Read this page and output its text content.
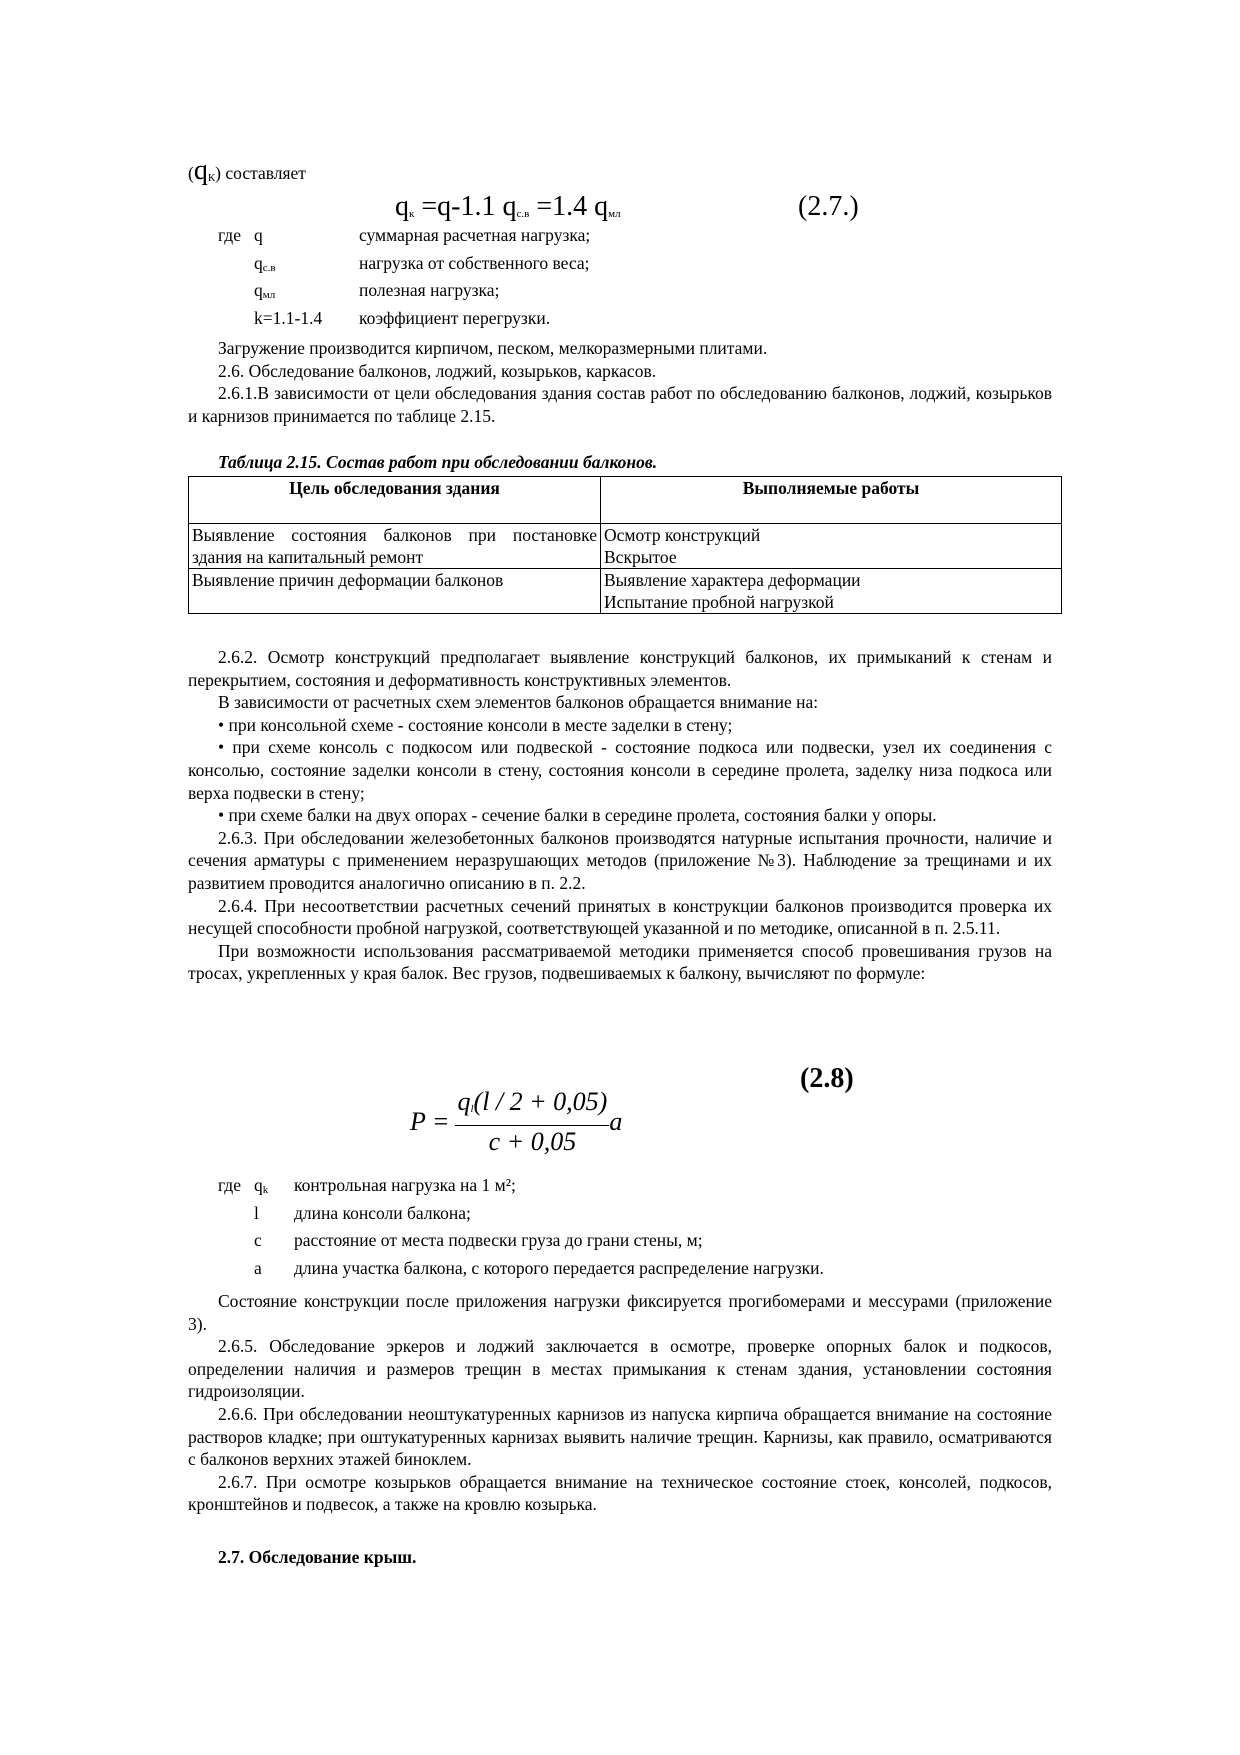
$(q_К)$ составляет
$q_к =q-1.1$ $q_{с.в} =1.4$ $q_{мл}$	(2.7.)
где q	суммарная расчетная нагрузка;
$q_{с.в}$	нагрузка от собственного веса;
$q_{мл}$	полезная нагрузка;
k=1.1-1.4	коэффициент перегрузки.

Загружение производится кирпичом, песком, мелкоразмерными плитами.

2.6. Обследование балконов, лоджий, козырьков, каркасов.

2.6.1.В зависимости от цели обследования здания состав работ по обследованию балконов, лоджий, козырьков и карнизов принимается по таблице 2.15.

Таблица 2.15. Состав работ при обследовании балконов.

Цель обследования здания	Выполняемые работы

Выявление состояния балконов при постановке здания на капитальный ремонт	Осмотр конструкций
Вскрытое

Выявление причин деформации балконов	Выявление характера деформации
Испытание пробной нагрузкой

2.6.2. Осмотр конструкций предполагает выявление конструкций балконов, их примыканий к стенам и перекрытием, состояния и деформативность конструктивных элементов.

В зависимости от расчетных схем элементов балконов обращается внимание на:

• при консольной схеме - состояние консоли в месте заделки в стену;

• при схеме консоль с подкосом или подвеской - состояние подкоса или подвески, узел их соединения с консолью, состояние заделки консоли в стену, состояния консоли в середине пролета, заделку низа подкоса или верха подвески в стену;

• при схеме балки на двух опорах - сечение балки в середине пролета, состояния балки у опоры.

2.6.3. При обследовании железобетонных балконов производятся натурные испытания прочности, наличие и сечения арматуры с применением неразрушающих методов (приложение №3). Наблюдение за трещинами и их развитием проводится аналогично описанию в п. 2.2.

2.6.4. При несоответствии расчетных сечений принятых в конструкции балконов производится проверка их несущей способности пробной нагрузкой, соответствующей указанной и по методике, описанной в п. 2.5.11.

При возможности использования рассматриваемой методики применяется способ провешивания грузов на тросах, укрепленных у края балок. Вес грузов, подвешиваемых к балкону, вычисляют по формуле:

(2.8)
$P = \frac{q_l(l / 2 + 0,05)}{c + 0,05}$ a
где $q_k$	контрольная нагрузка на 1 м²;
l	длина консоли балкона;
с	расстояние от места подвески груза до грани стены, м;
а	длина участка балкона, с которого передается распределение нагрузки.

Состояние конструкции после приложения нагрузки фиксируется прогибомерами и мессурами (приложение 3).

2.6.5. Обследование эркеров и лоджий заключается в осмотре, проверке опорных балок и подкосов, определении наличия и размеров трещин в местах примыкания к стенам здания, установлении состояния гидроизоляции.

2.6.6. При обследовании неоштукатуренных карнизов из напуска кирпича обращается внимание на состояние растворов кладке; при оштукатуренных карнизах выявить наличие трещин. Карнизы, как правило, осматриваются с балконов верхних этажей биноклем.

2.6.7. При осмотре козырьков обращается внимание на техническое состояние стоек, консолей, подкосов, кронштейнов и подвесок, а также на кровлю козырька.

2.7. Обследование крыш.
